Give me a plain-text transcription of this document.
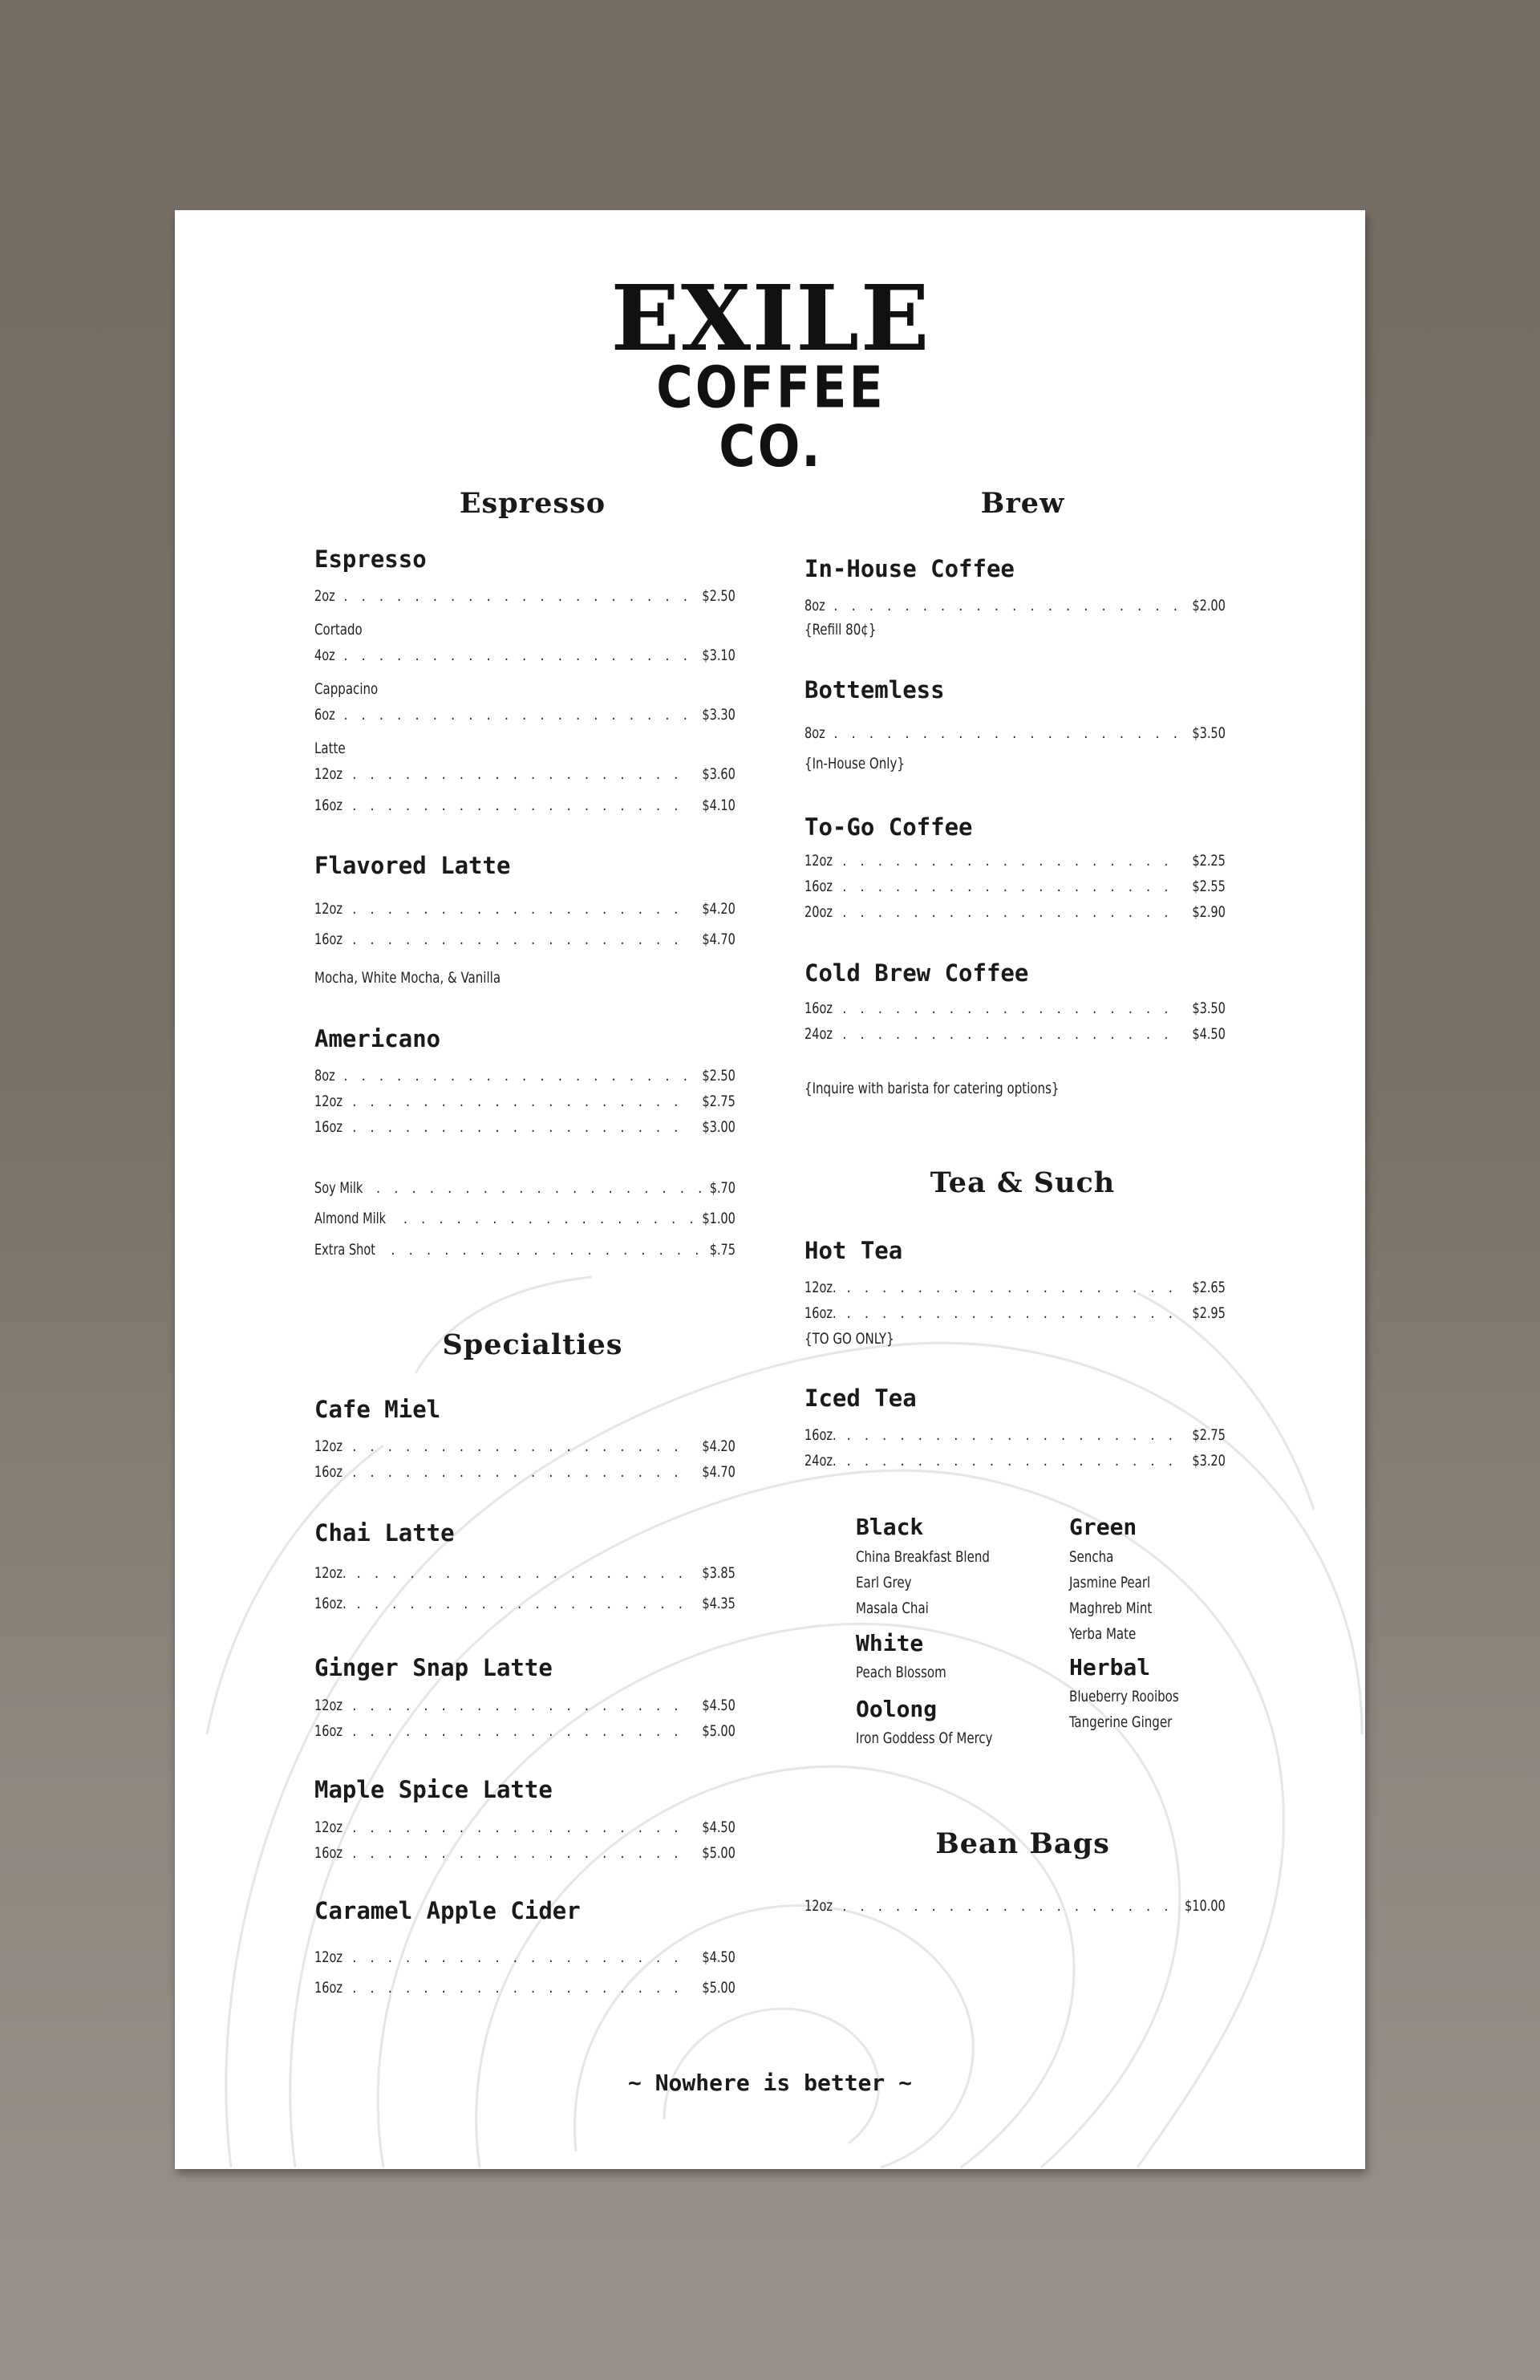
EXILE
COFFEE CO.
Espresso
Espresso
2oz . . .	$2.50
Cortado
4oz . . .	$3.10
Cappacino
6oz . . .	$3.30
Latte
12oz . . .	$3.60
16oz . . .	$4.10
Flavored Latte
12oz . . .	$4.20
16oz . . .	$4.70
Mocha, White Mocha, & Vanilla
Americano
8oz . . .	$2.50
12oz . . .	$2.75
16oz . . .	$3.00
Soy Milk . . .	$.70
Almond Milk . . .	$1.00
Extra Shot . . .	$.75
Specialties
Cafe Miel
12oz . . .	$4.20
16oz . . .	$4.70
Chai Latte
12oz. . . .	$3.85
16oz. . . .	$4.35
Ginger Snap Latte
12oz . . .	$4.50
16oz . . .	$5.00
Maple Spice Latte
12oz . . .	$4.50
16oz . . .	$5.00
Caramel Apple Cider
12oz . . .	$4.50
16oz . . .	$5.00
Brew
In-House Coffee
8oz . . .	$2.00
{Refill 80¢}
Bottemless
8oz . . .	$3.50
{In-House Only}
To-Go Coffee
12oz . . .	$2.25
16oz . . .	$2.55
20oz . . .	$2.90
Cold Brew Coffee
16oz . . .	$3.50
24oz . . .	$4.50
{Inquire with barista for catering options}
Tea & Such
Hot Tea
12oz. . . .	$2.65
16oz. . . .	$2.95
{TO GO ONLY}
Iced Tea
16oz. . . .	$2.75
24oz. . . .	$3.20
Black
China Breakfast Blend
Earl Grey
Masala Chai
White
Peach Blossom
Oolong
Iron Goddess Of Mercy
Green
Sencha
Jasmine Pearl
Maghreb Mint
Yerba Mate
Herbal
Blueberry Rooibos
Tangerine Ginger
Bean Bags
12oz . . .	$10.00
~ Nowhere is better ~
